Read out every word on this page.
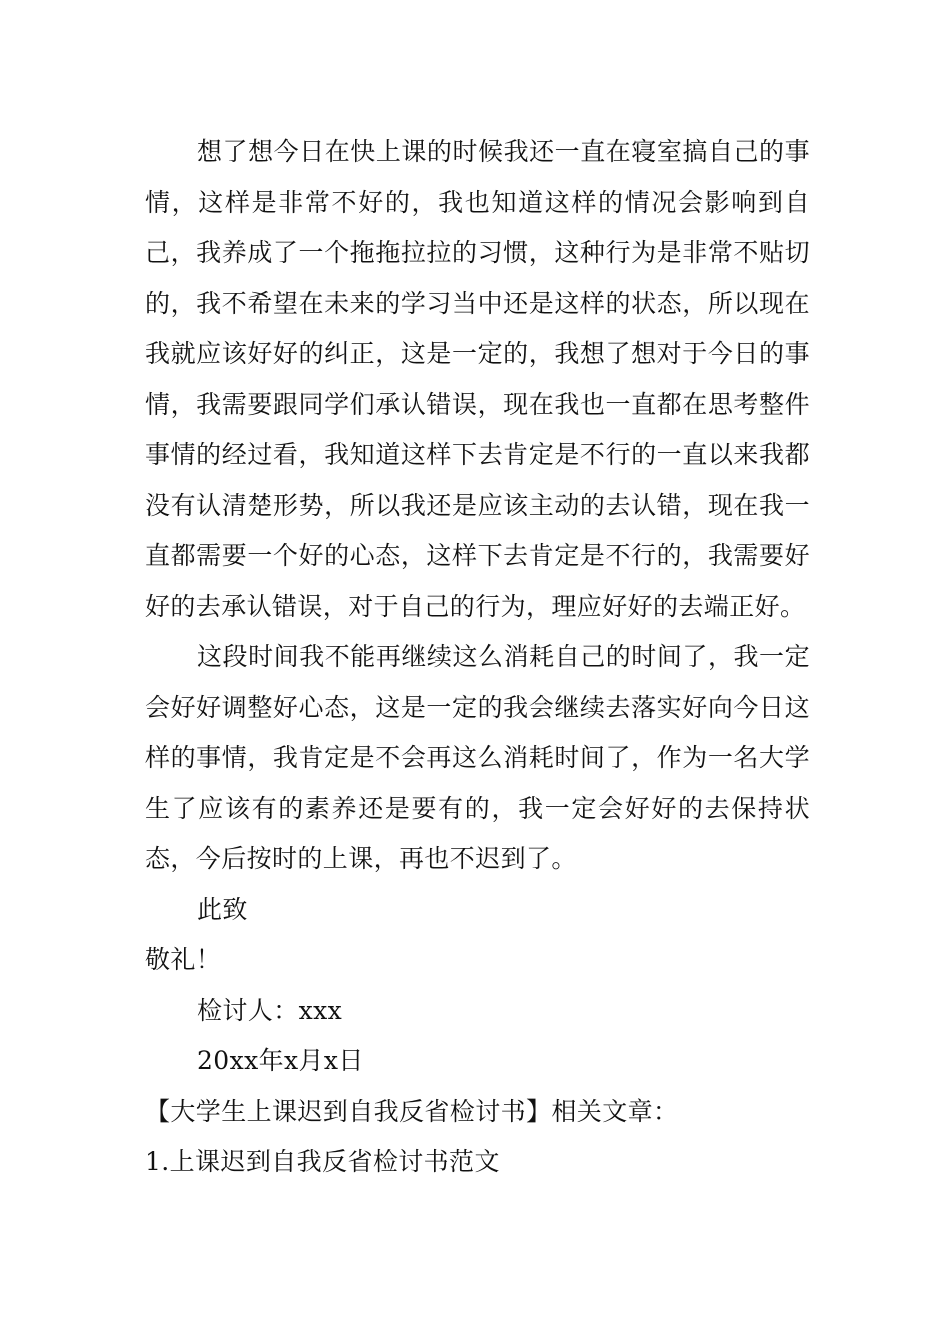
想了想今日在快上课的时候我还一直在寝室搞自己的事情，这样是非常不好的，我也知道这样的情况会影响到自己，我养成了一个拖拖拉拉的习惯，这种行为是非常不贴切的，我不希望在未来的学习当中还是这样的状态，所以现在我就应该好好的纠正，这是一定的，我想了想对于今日的事情，我需要跟同学们承认错误，现在我也一直都在思考整件事情的经过看，我知道这样下去肯定是不行的一直以来我都没有认清楚形势，所以我还是应该主动的去认错，现在我一直都需要一个好的心态，这样下去肯定是不行的，我需要好好的去承认错误，对于自己的行为，理应好好的去端正好。

这段时间我不能再继续这么消耗自己的时间了，我一定会好好调整好心态，这是一定的我会继续去落实好向今日这样的事情，我肯定是不会再这么消耗时间了，作为一名大学生了应该有的素养还是要有的，我一定会好好的去保持状态，今后按时的上课，再也不迟到了。

此致

敬礼！

检讨人：xxx

20xx年x月x日

【大学生上课迟到自我反省检讨书】相关文章：

1.上课迟到自我反省检讨书范文
